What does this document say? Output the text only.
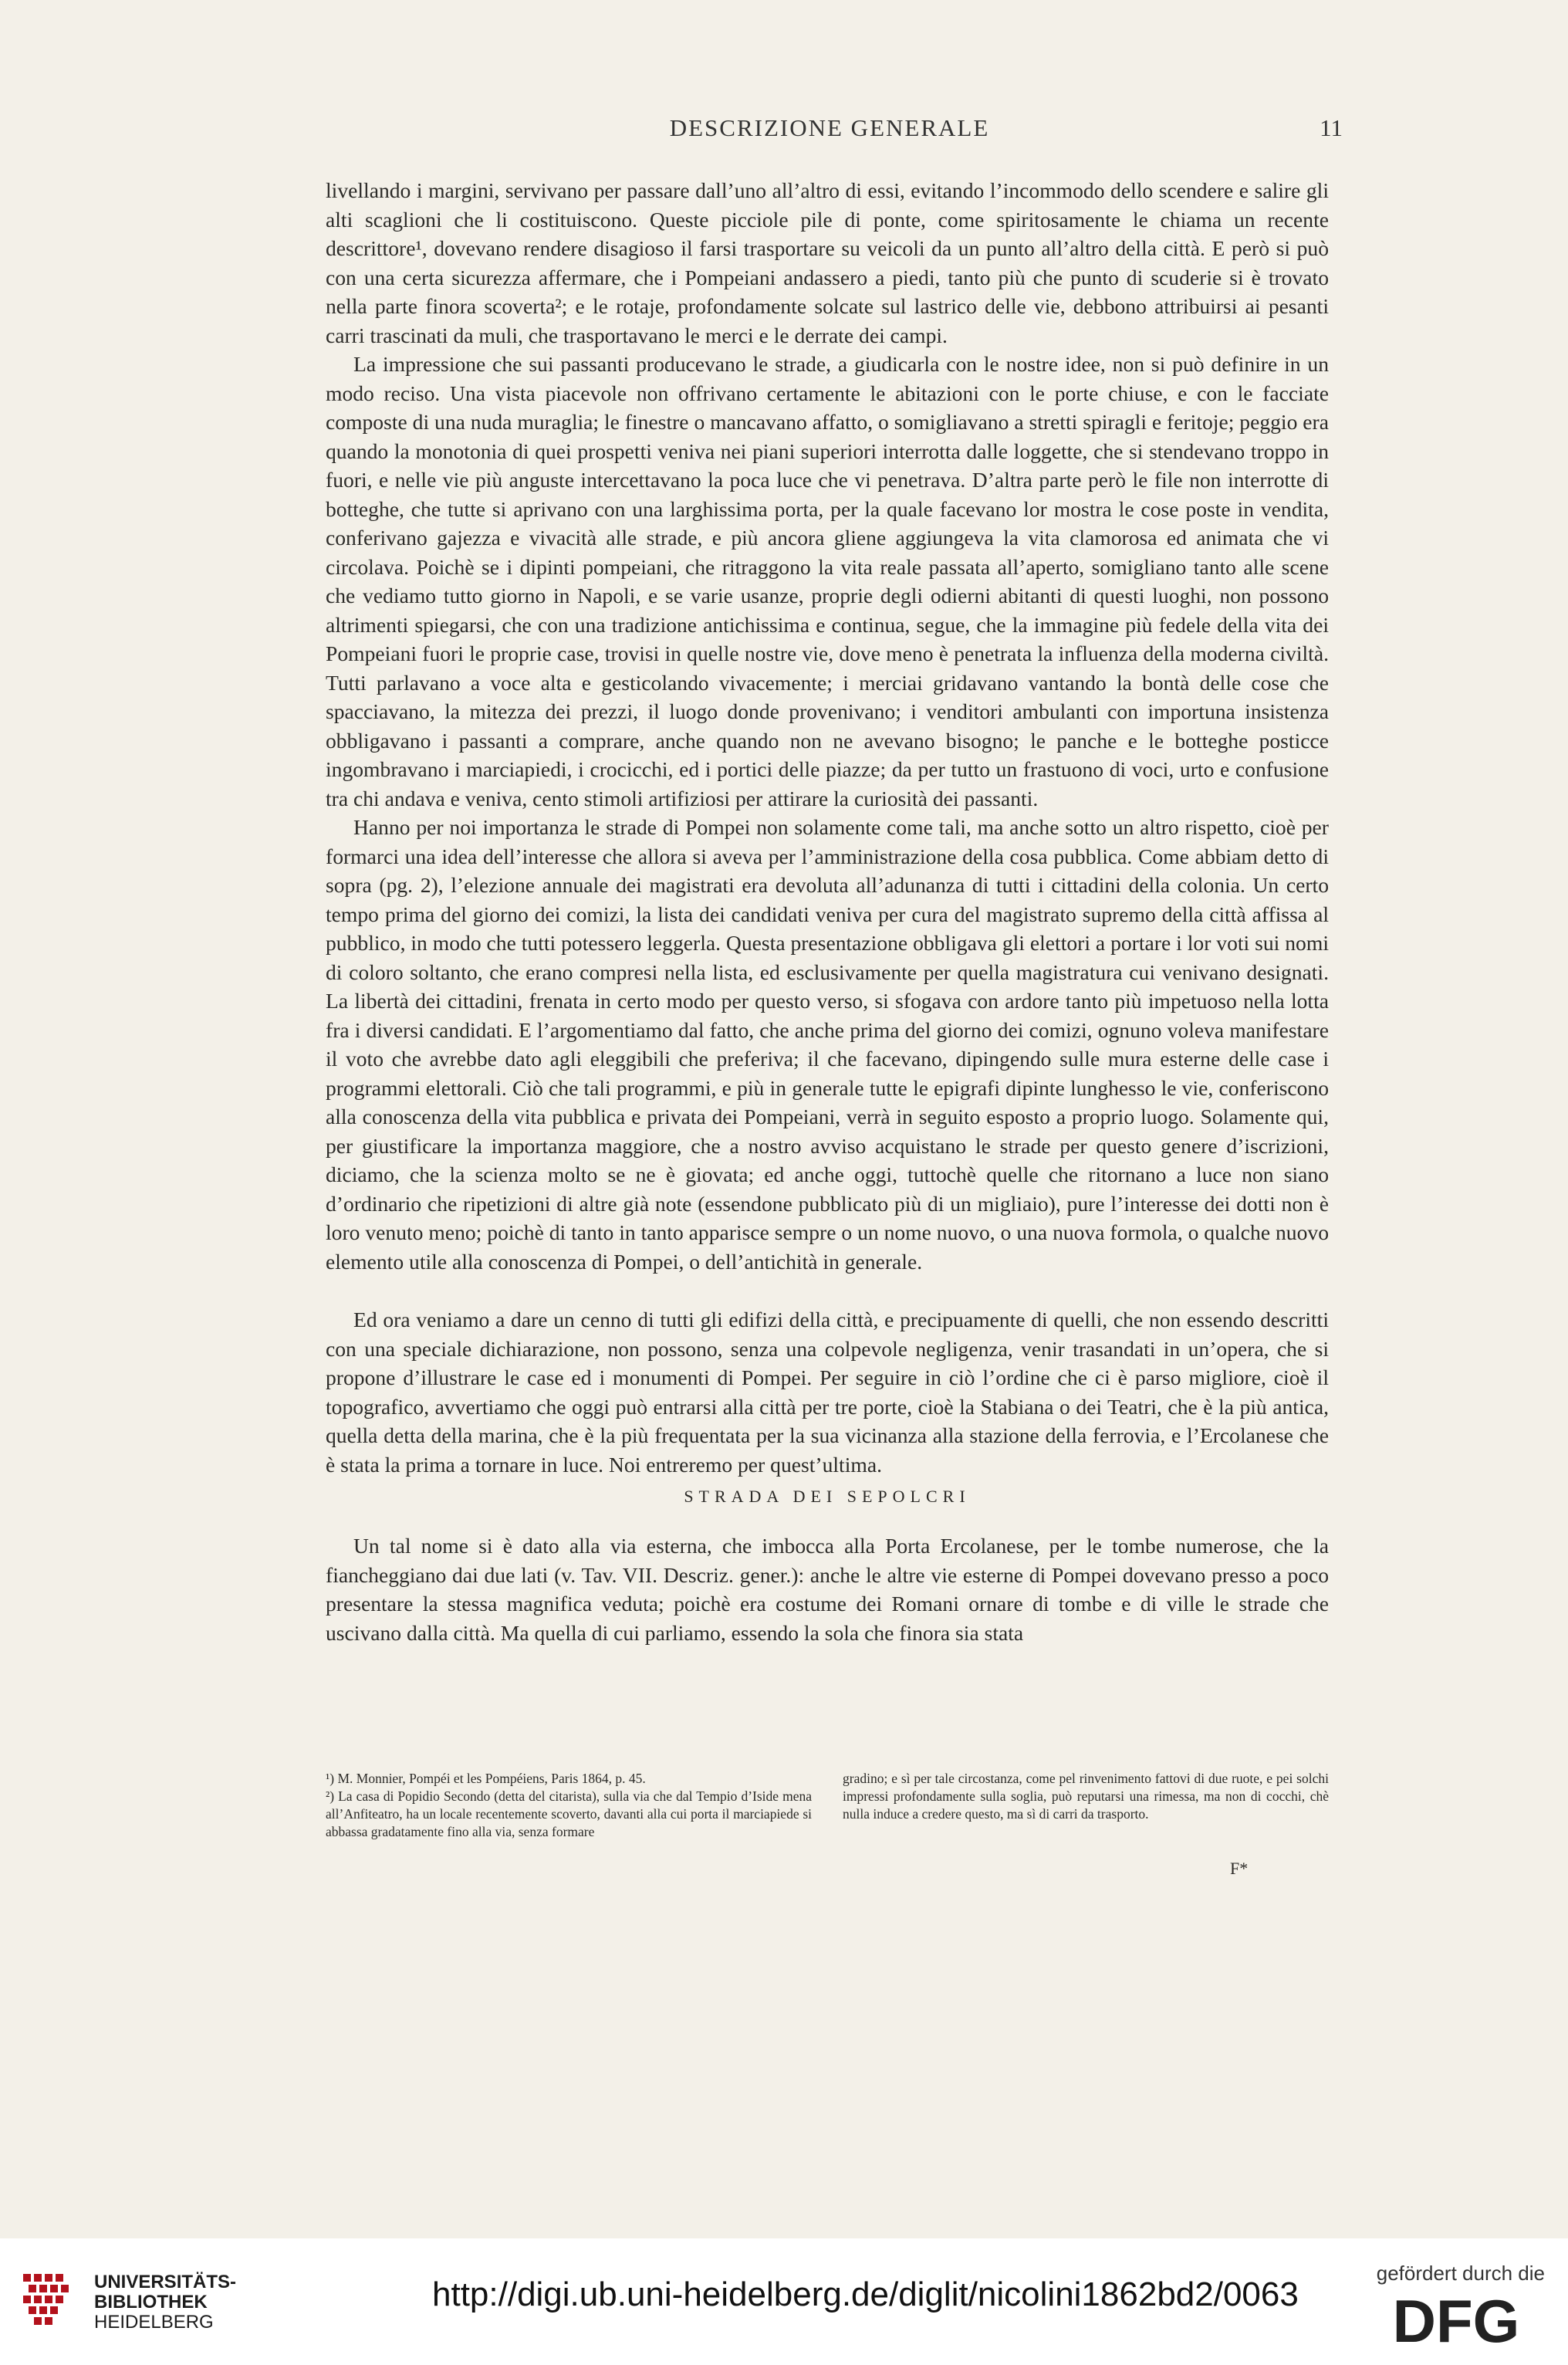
DESCRIZIONE GENERALE	11

livellando i margini, servivano per passare dall’uno all’altro di essi, evitando l’incommodo dello scendere e salire gli alti scaglioni che li costituiscono. Queste picciole pile di ponte, come spiritosamente le chiama un recente descrittore¹, dovevano rendere disagioso il farsi trasportare su veicoli da un punto all’altro della città. E però si può con una certa sicurezza affermare, che i Pompeiani andassero a piedi, tanto più che punto di scuderie si è trovato nella parte finora scoverta²; e le rotaje, profondamente solcate sul lastrico delle vie, debbono attribuirsi ai pesanti carri trascinati da muli, che trasportavano le merci e le derrate dei campi.

La impressione che sui passanti producevano le strade, a giudicarla con le nostre idee, non si può definire in un modo reciso. Una vista piacevole non offrivano certamente le abitazioni con le porte chiuse, e con le facciate composte di una nuda muraglia; le finestre o mancavano affatto, o somigliavano a stretti spiragli e feritoje; peggio era quando la monotonia di quei prospetti veniva nei piani superiori interrotta dalle loggette, che si stendevano troppo in fuori, e nelle vie più anguste intercettavano la poca luce che vi penetrava. D’altra parte però le file non interrotte di botteghe, che tutte si aprivano con una larghissima porta, per la quale facevano lor mostra le cose poste in vendita, conferivano gajezza e vivacità alle strade, e più ancora gliene aggiungeva la vita clamorosa ed animata che vi circolava. Poichè se i dipinti pompeiani, che ritraggono la vita reale passata all’aperto, somigliano tanto alle scene che vediamo tutto giorno in Napoli, e se varie usanze, proprie degli odierni abitanti di questi luoghi, non possono altrimenti spiegarsi, che con una tradizione antichissima e continua, segue, che la immagine più fedele della vita dei Pompeiani fuori le proprie case, trovisi in quelle nostre vie, dove meno è penetrata la influenza della moderna civiltà. Tutti parlavano a voce alta e gesticolando vivacemente; i merciai gridavano vantando la bontà delle cose che spacciavano, la mitezza dei prezzi, il luogo donde provenivano; i venditori ambulanti con importuna insistenza obbligavano i passanti a comprare, anche quando non ne avevano bisogno; le panche e le botteghe posticce ingombravano i marciapiedi, i crocicchi, ed i portici delle piazze; da per tutto un frastuono di voci, urto e confusione tra chi andava e veniva, cento stimoli artifiziosi per attirare la curiosità dei passanti.

Hanno per noi importanza le strade di Pompei non solamente come tali, ma anche sotto un altro rispetto, cioè per formarci una idea dell’interesse che allora si aveva per l’amministrazione della cosa pubblica. Come abbiam detto di sopra (pg. 2), l’elezione annuale dei magistrati era devoluta all’adunanza di tutti i cittadini della colonia. Un certo tempo prima del giorno dei comizi, la lista dei candidati veniva per cura del magistrato supremo della città affissa al pubblico, in modo che tutti potessero leggerla. Questa presentazione obbligava gli elettori a portare i lor voti sui nomi di coloro soltanto, che erano compresi nella lista, ed esclusivamente per quella magistratura cui venivano designati. La libertà dei cittadini, frenata in certo modo per questo verso, si sfogava con ardore tanto più impetuoso nella lotta fra i diversi candidati. E l’argomentiamo dal fatto, che anche prima del giorno dei comizi, ognuno voleva manifestare il voto che avrebbe dato agli eleggibili che preferiva; il che facevano, dipingendo sulle mura esterne delle case i programmi elettorali. Ciò che tali programmi, e più in generale tutte le epigrafi dipinte lunghesso le vie, conferiscono alla conoscenza della vita pubblica e privata dei Pompeiani, verrà in seguito esposto a proprio luogo. Solamente qui, per giustificare la importanza maggiore, che a nostro avviso acquistano le strade per questo genere d’iscrizioni, diciamo, che la scienza molto se ne è giovata; ed anche oggi, tuttochè quelle che ritornano a luce non siano d’ordinario che ripetizioni di altre già note (essendone pubblicato più di un migliaio), pure l’interesse dei dotti non è loro venuto meno; poichè di tanto in tanto apparisce sempre o un nome nuovo, o una nuova formola, o qualche nuovo elemento utile alla conoscenza di Pompei, o dell’antichità in generale.

Ed ora veniamo a dare un cenno di tutti gli edifizi della città, e precipuamente di quelli, che non essendo descritti con una speciale dichiarazione, non possono, senza una colpevole negligenza, venir trasandati in un’opera, che si propone d’illustrare le case ed i monumenti di Pompei. Per seguire in ciò l’ordine che ci è parso migliore, cioè il topografico, avvertiamo che oggi può entrarsi alla città per tre porte, cioè la Stabiana o dei Teatri, che è la più antica, quella detta della marina, che è la più frequentata per la sua vicinanza alla stazione della ferrovia, e l’Ercolanese che è stata la prima a tornare in luce. Noi entreremo per quest’ultima.

STRADA DEI SEPOLCRI

Un tal nome si è dato alla via esterna, che imbocca alla Porta Ercolanese, per le tombe numerose, che la fiancheggiano dai due lati (v. Tav. VII. Descriz. gener.): anche le altre vie esterne di Pompei dovevano presso a poco presentare la stessa magnifica veduta; poichè era costume dei Romani ornare di tombe e di ville le strade che uscivano dalla città. Ma quella di cui parliamo, essendo la sola che finora sia stata

¹) M. Monnier, Pompéi et les Pompéiens, Paris 1864, p. 45.

²) La casa di Popidio Secondo (detta del citarista), sulla via che dal Tempio d’Iside mena all’Anfiteatro, ha un locale recentemente scoverto, davanti alla cui porta il marciapiede si abbassa gradatamente fino alla via, senza formare

gradino; e sì per tale circostanza, come pel rinvenimento fattovi di due ruote, e pei solchi impressi profondamente sulla soglia, può reputarsi una rimessa, ma non di cocchi, chè nulla induce a credere questo, ma sì di carri da trasporto.

F*
UNIVERSITÄTS-
BIBLIOTHEK
HEIDELBERG
http://digi.ub.uni-heidelberg.de/diglit/nicolini1862bd2/0063
gefördert durch die
DFG
